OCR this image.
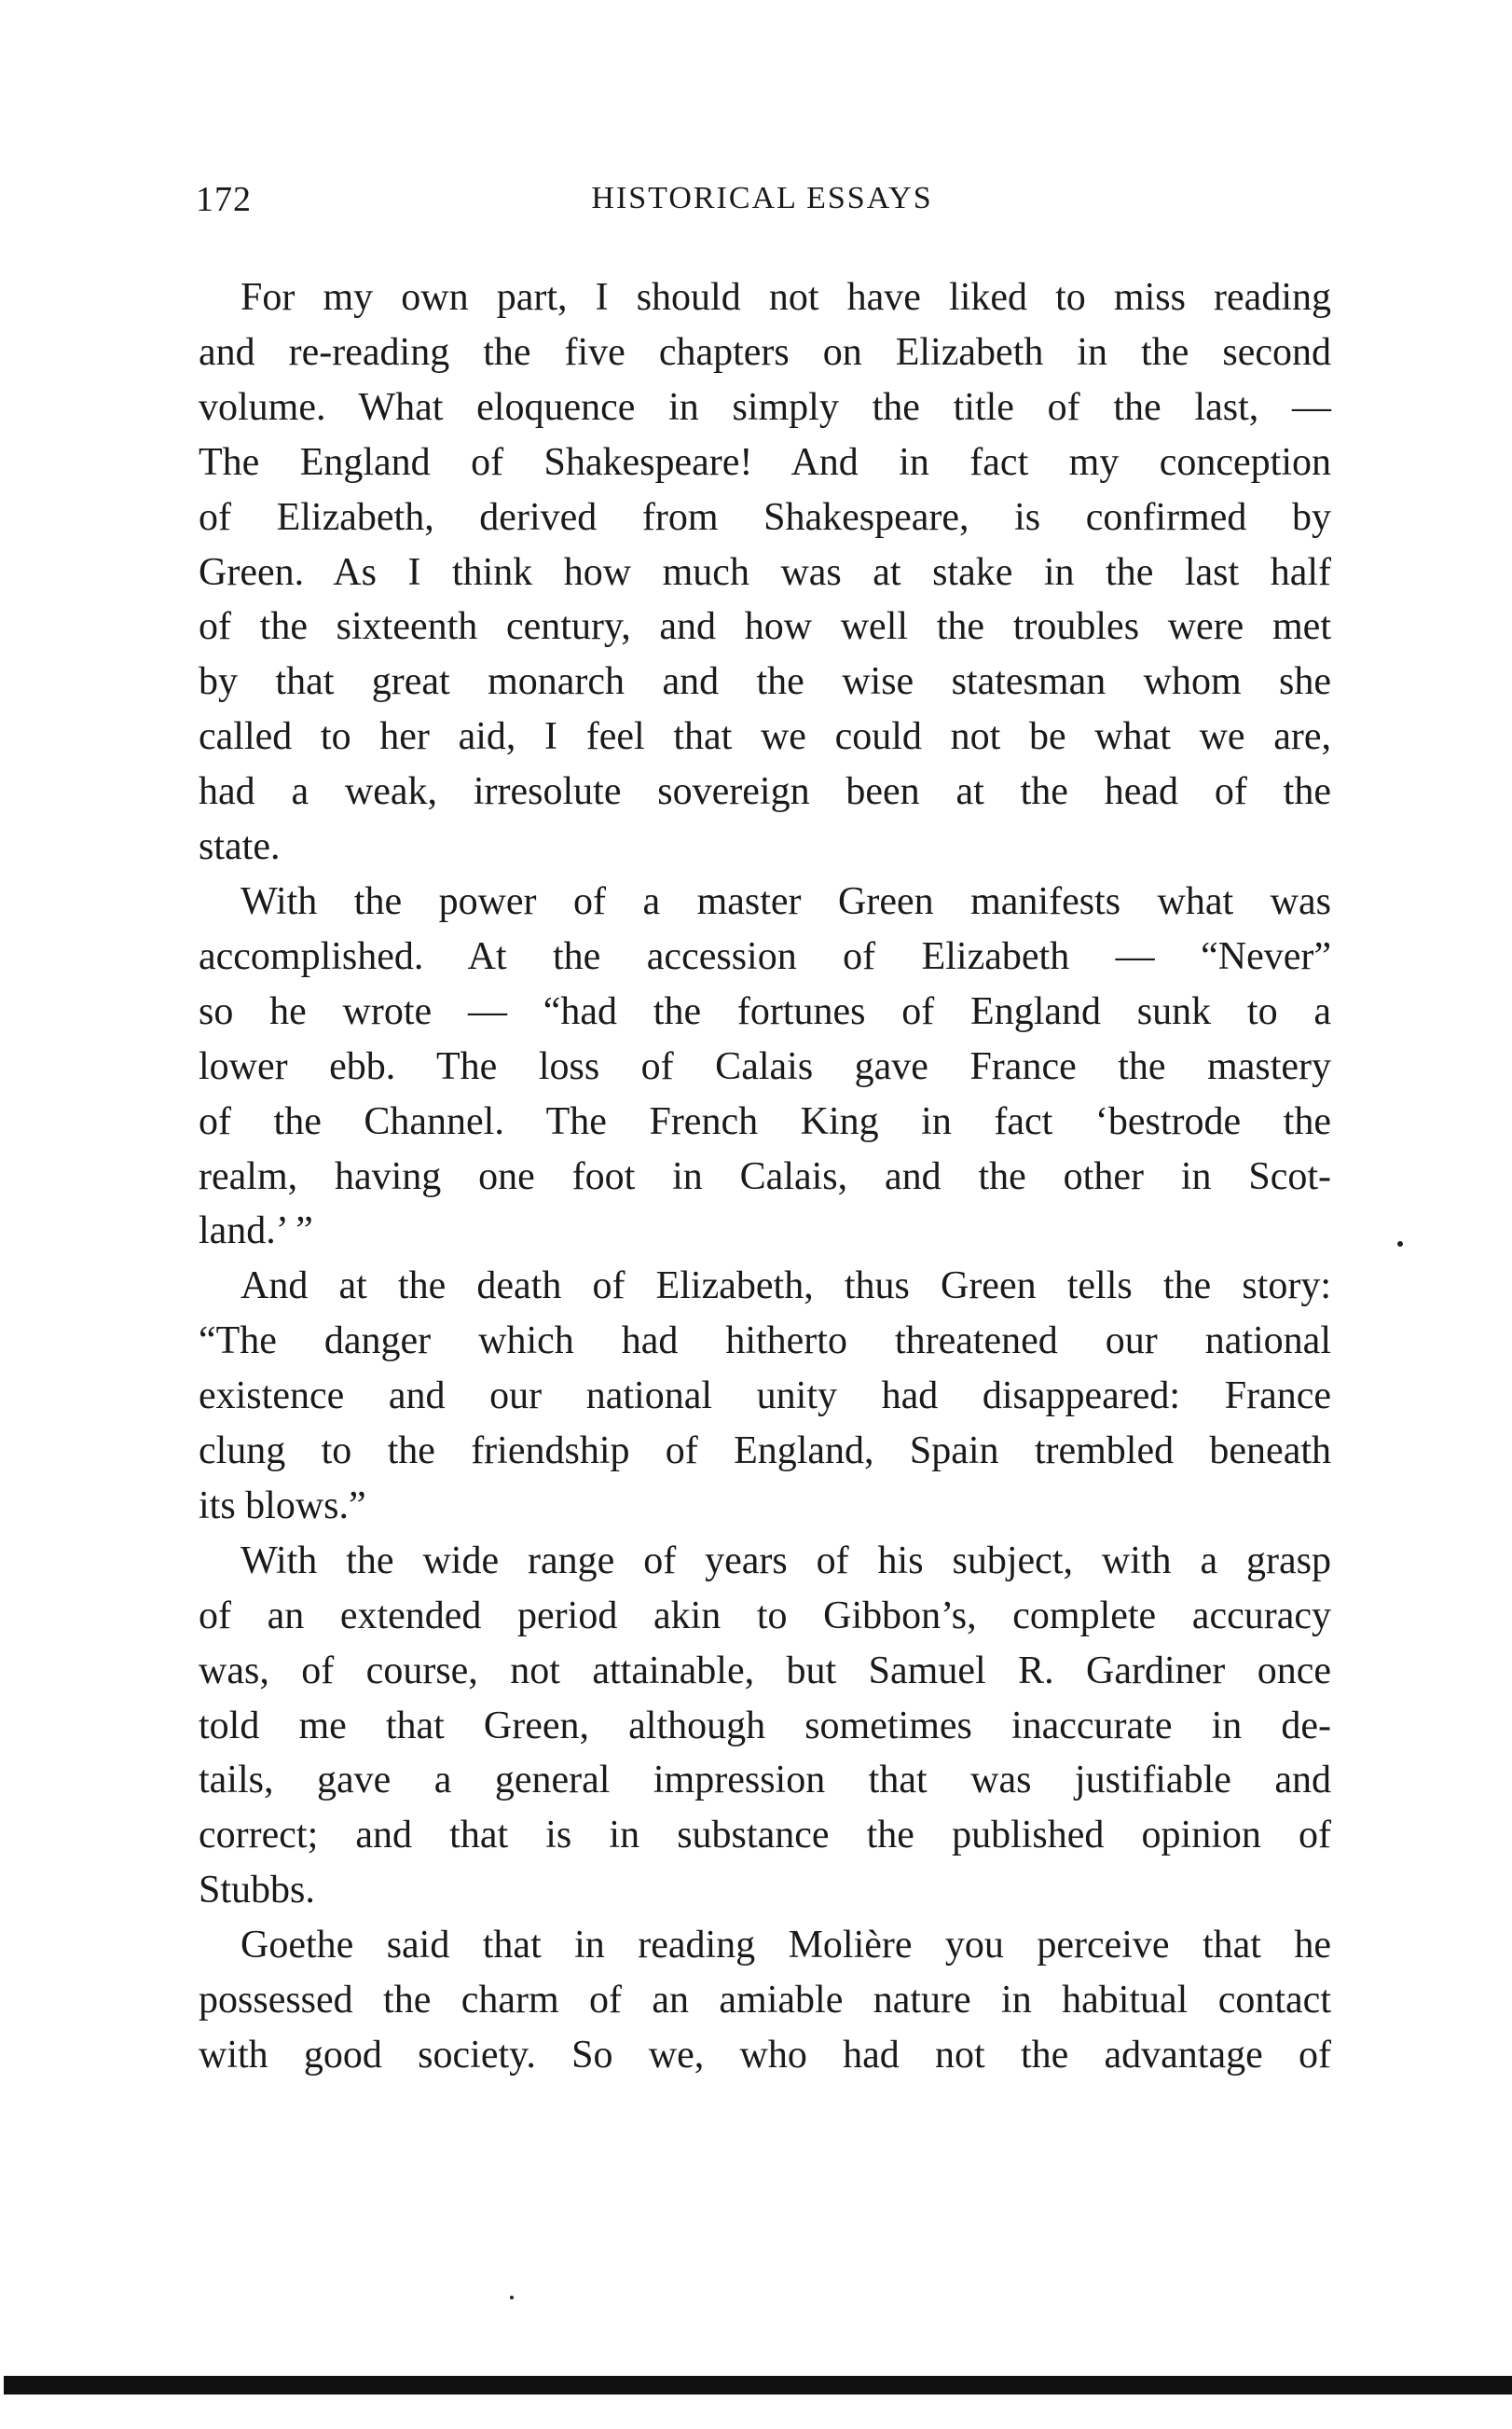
172	HISTORICAL ESSAYS

For my own part, I should not have liked to miss reading
and re-reading the five chapters on Elizabeth in the second
volume. What eloquence in simply the title of the last, —
The England of Shakespeare! And in fact my conception
of Elizabeth, derived from Shakespeare, is confirmed by
Green. As I think how much was at stake in the last half
of the sixteenth century, and how well the troubles were met
by that great monarch and the wise statesman whom she
called to her aid, I feel that we could not be what we are,
had a weak, irresolute sovereign been at the head of the
state.

With the power of a master Green manifests what was
accomplished. At the accession of Elizabeth — “Never”
so he wrote — “had the fortunes of England sunk to a
lower ebb. The loss of Calais gave France the mastery
of the Channel. The French King in fact ‘bestrode the
realm, having one foot in Calais, and the other in Scot-
land.’ ”

And at the death of Elizabeth, thus Green tells the story:
“The danger which had hitherto threatened our national
existence and our national unity had disappeared: France
clung to the friendship of England, Spain trembled beneath
its blows.”

With the wide range of years of his subject, with a grasp
of an extended period akin to Gibbon’s, complete accuracy
was, of course, not attainable, but Samuel R. Gardiner once
told me that Green, although sometimes inaccurate in de-
tails, gave a general impression that was justifiable and
correct; and that is in substance the published opinion of
Stubbs.

Goethe said that in reading Molière you perceive that he
possessed the charm of an amiable nature in habitual contact
with good society. So we, who had not the advantage of
